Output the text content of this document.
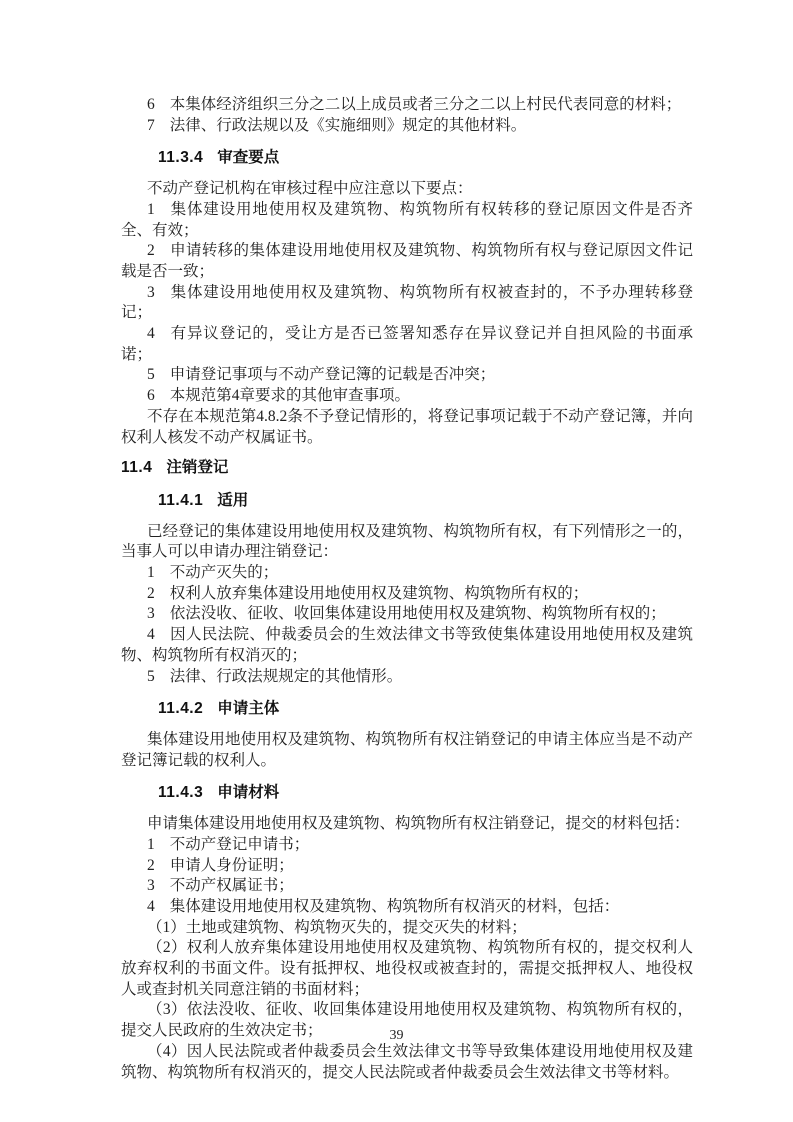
6 本集体经济组织三分之二以上成员或者三分之二以上村民代表同意的材料；
7 法律、行政法规以及《实施细则》规定的其他材料。
11.3.4 审查要点
不动产登记机构在审核过程中应注意以下要点：
1 集体建设用地使用权及建筑物、构筑物所有权转移的登记原因文件是否齐全、有效；
2 申请转移的集体建设用地使用权及建筑物、构筑物所有权与登记原因文件记载是否一致；
3 集体建设用地使用权及建筑物、构筑物所有权被查封的，不予办理转移登记；
4 有异议登记的，受让方是否已签署知悉存在异议登记并自担风险的书面承诺；
5 申请登记事项与不动产登记簿的记载是否冲突；
6 本规范第4章要求的其他审查事项。
不存在本规范第4.8.2条不予登记情形的，将登记事项记载于不动产登记簿，并向权利人核发不动产权属证书。
11.4 注销登记
11.4.1 适用
已经登记的集体建设用地使用权及建筑物、构筑物所有权，有下列情形之一的，当事人可以申请办理注销登记：
1 不动产灭失的；
2 权利人放弃集体建设用地使用权及建筑物、构筑物所有权的；
3 依法没收、征收、收回集体建设用地使用权及建筑物、构筑物所有权的；
4 因人民法院、仲裁委员会的生效法律文书等致使集体建设用地使用权及建筑物、构筑物所有权消灭的；
5 法律、行政法规规定的其他情形。
11.4.2 申请主体
集体建设用地使用权及建筑物、构筑物所有权注销登记的申请主体应当是不动产登记簿记载的权利人。
11.4.3 申请材料
申请集体建设用地使用权及建筑物、构筑物所有权注销登记，提交的材料包括：
1 不动产登记申请书；
2 申请人身份证明；
3 不动产权属证书；
4 集体建设用地使用权及建筑物、构筑物所有权消灭的材料，包括：
（1）土地或建筑物、构筑物灭失的，提交灭失的材料；
（2）权利人放弃集体建设用地使用权及建筑物、构筑物所有权的，提交权利人放弃权利的书面文件。设有抵押权、地役权或被查封的，需提交抵押权人、地役权人或查封机关同意注销的书面材料；
（3）依法没收、征收、收回集体建设用地使用权及建筑物、构筑物所有权的，提交人民政府的生效决定书；
（4）因人民法院或者仲裁委员会生效法律文书等导致集体建设用地使用权及建筑物、构筑物所有权消灭的，提交人民法院或者仲裁委员会生效法律文书等材料。
39
